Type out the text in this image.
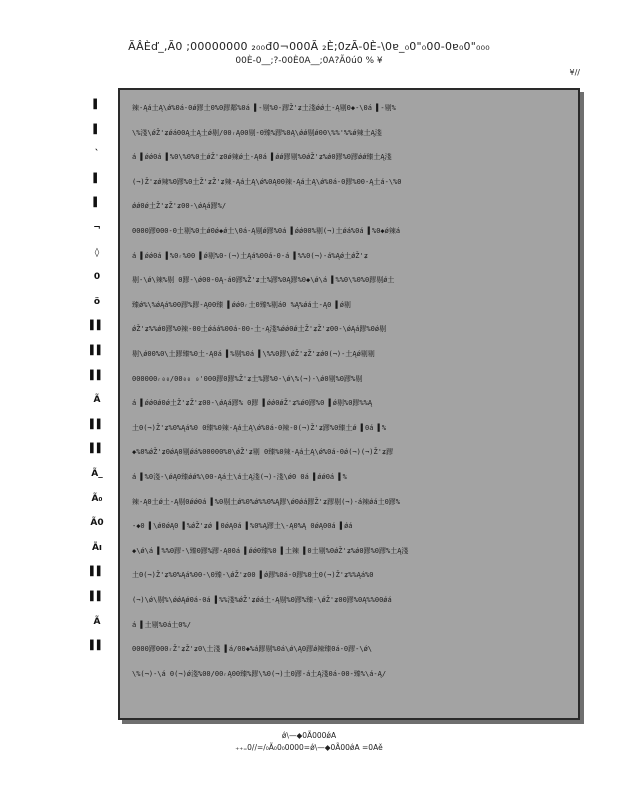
ÃÂÈď_,Ã0 ;00000000 ₂₀₀đ0¬000Ã ₂È;0zÃ-0È-\0ɐ_₀0"₀00-0ɐ₀0"₀₀₀
00È-0__;?-00È0A__;0A?Ã0ú0 % ¥
¥//
▌
▌
`
▌
▌
¬
◊
0
ö
▌▌
▌▌
▌▌
Ã
▌▌
▌▌
Ã_
Ã₀
Ã0
Ãı
▌▌
▌▌
Ã
▌▌
辣-Ąá土Ą\ǿ%0á-0ǿ蹘土0%0蹘鄰%0á ▌-剔%0-蹘Ž'ʑ土淺ǿǿ土-Ą剔0◆-\0á ▌-剔%
\%淺\ǿŽ'ʑǿá00Ą土Ą土ǿ剔/00ᵣĄ00剔-0臻%蹘%0Ą\ǿǿ剔ǿ00\%%'%%ǿ辣土Ą淺
á ▌ǿǿ0á ▌%0\%0%0土ǿŽ'ʑ0ǿ辣ǿ土-Ą0á ▌ǿǿ蹘剔%0ǿŽ'ʑ%ǿ0蹘%0蹘ǿǿ臻土Ą淺
(¬)Ž'ʑǿ辣%0蹘%0土Ž'ʑŽ'ʑ辣-Ąá土Ą\ǿ%0Ą00辣-Ąá土Ą\ǿ%0á-0蹘%00-Ą土á-\%0
ǿǿ0ǿ土Ž'ʑŽ'ʑ00-\ǿĄá蹘%/
0000蹘000-0土剔%0土ǿ0ǿ◆ǿ土\0á-Ą剔ǿ蹘%0á ▌ǿǿ00%剔(¬)土ǿá%0á ▌%0◆ǿ辣á
á ▌ǿǿ0á ▌%0ᵣ%00 ▌ǿ剔%0-(¬)土Ąá%00á-0-á ▌%%0(¬)-á%Ąǿ土ǿŽ'ʑ
剔-\ǿ\辣%剔 0蹘-\ǿ00-0Ą-á0蹘%Ž'ʑ土%蹘%0Ą蹘%0◆\ǿ\á ▌%%0\%0%0蹘剔ǿ土
臻ǿ%\%ǿĄá%00蹘%蹘-Ą00臻 ▌ǿǿ0ᵣ土0臻%剔á0 %Ą%ǿá土-Ą0 ▌ǿ剔
ǿŽ'ʑ%%ǿ0蹘%0辣-00土ǿáá%00á-00-土-Ą淺%ǿǿ0ǿ土Ž'ʑŽ'ʑ00-\ǿĄá蹘%0ǿ剔
剔\ǿ00%0\土蹘臻%0土-Ą0á ▌%剔%0á ▌\%%0蹘\ǿŽ'ʑŽ'ʑǿ0(¬)-土Ąǿ剔剔
000000ᵣ₀₀/00₀₀ ₀'000蹘0蹘%Ž'ʑ土%蹘%0-\ǿ\%(¬)-\ǿ0剔%0蹘%剔
á ▌ǿǿ0ǿ0ǿ土Ž'ʑŽ'ʑ00-\ǿĄá蹘% 0蹘 ▌ǿǿ0ǿŽ'ʑ%ǿ0蹘%0 ▌ǿ剔%0蹘%%Ą
土0(¬)Ž'ʑ%0%Ąá%0 0臻%0辣-Ąá土Ą\ǿ%0á-0辣-0(¬)Ž'ʑ蹘%0臻土ǿ ▌0á ▌%
◆%0%ǿŽ'ʑ0ǿĄ0剔ǿá%00000%0\ǿŽ'ʑ剔 0臻%0辣-Ąá土Ą\ǿ%0á-0ǿ(¬)(¬)Ž'ʑ蹘
á ▌%0淺-\ǿĄ0臻ǿǿ%\00-Ąá土\á土Ą淺(¬)-淺\ǿ0 0á ▌ǿǿ0á ▌%
辣-Ą0土ǿ土-Ą剔0ǿǿ0á ▌%0剔土ǿ%0%ǿ%%0%Ą蹘\ǿ0ǿá蹘Ž'ʑ蹘剔(¬)-á辣ǿá土0蹘%
-◆0 ▌\ǿ0ǿĄ0 ▌%ǿŽ'ʑǿ ▌0ǿĄ0á ▌%0%Ą蹘土\-Ą0%Ą 0ǿĄ00á ▌ǿá
◆\ǿ\á ▌%%0蹘-\臻0蹘%蹘-Ą00á ▌ǿǿ0臻%0 ▌土辣 ▌0土剔%0ǿŽ'ʑ%ǿ0蹘%0蹘%土Ą淺
土0(¬)Ž'ʑ%0%Ąá%00-\0臻-\ǿŽ'ʑ00 ▌ǿ蹘%0á-0蹘%0土0(¬)Ž'ʑ%%Ąá%0
(¬)\ǿ\剔%\ǿǿĄǿ0á-0á ▌%%淺%ǿŽ'ʑǿá土-Ą剔%0蹘%臻-\ǿŽ'ʑ00蹘%0Ą%%00ǿá
á ▌土剔%0á土0%/
0000蹘000ᵣŽ'ʑŽ'ʑ0\土淺 ▌á/00◆%á蹘剔%0á\ǿ\Ą0蹘ǿ辣臻0á-0蹘-\ǿ\
\%(¬)-\á 0(¬)ǿ淺%00/00ᵣĄ00臻%蹘\%0(¬)土0蹘-á土Ą淺0á-00-臻%\á-Ą/
ǿ\—◆0Ã000ǿA
₊₊₌0//=/₀Ã₀0₀0000=ǿ\—◆0Ã00ǿA =0Aě
